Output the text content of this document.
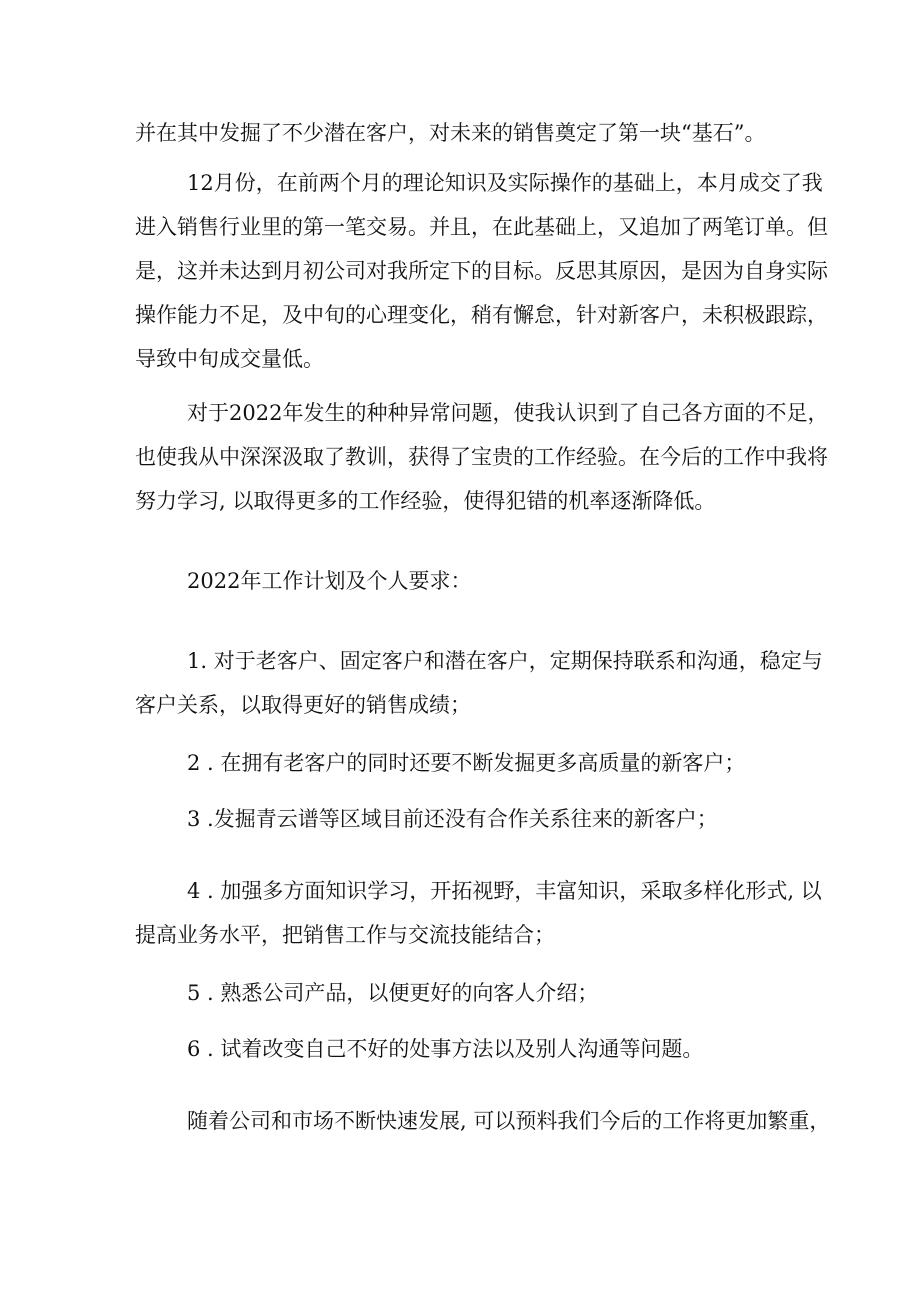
并在其中发掘了不少潜在客户，对未来的销售奠定了第一块“基石”。
12月份，在前两个月的理论知识及实际操作的基础上，本月成交了我
进入销售行业里的第一笔交易。并且，在此基础上，又追加了两笔订单。但
是，这并未达到月初公司对我所定下的目标。反思其原因，是因为自身实际
操作能力不足，及中旬的心理变化，稍有懈怠，针对新客户，未积极跟踪，
导致中旬成交量低。
对于2022年发生的种种异常问题，使我认识到了自己各方面的不足，
也使我从中深深汲取了教训，获得了宝贵的工作经验。在今后的工作中我将
努力学习, 以取得更多的工作经验，使得犯错的机率逐渐降低。
2022年工作计划及个人要求：
1. 对于老客户、固定客户和潜在客户，定期保持联系和沟通，稳定与
客户关系，以取得更好的销售成绩；
2 . 在拥有老客户的同时还要不断发掘更多高质量的新客户；
3 .发掘青云谱等区域目前还没有合作关系往来的新客户；
4 . 加强多方面知识学习，开拓视野，丰富知识，采取多样化形式, 以
提高业务水平，把销售工作与交流技能结合；
5 . 熟悉公司产品，以便更好的向客人介绍；
6 . 试着改变自己不好的处事方法以及别人沟通等问题。
随着公司和市场不断快速发展, 可以预料我们今后的工作将更加繁重，
